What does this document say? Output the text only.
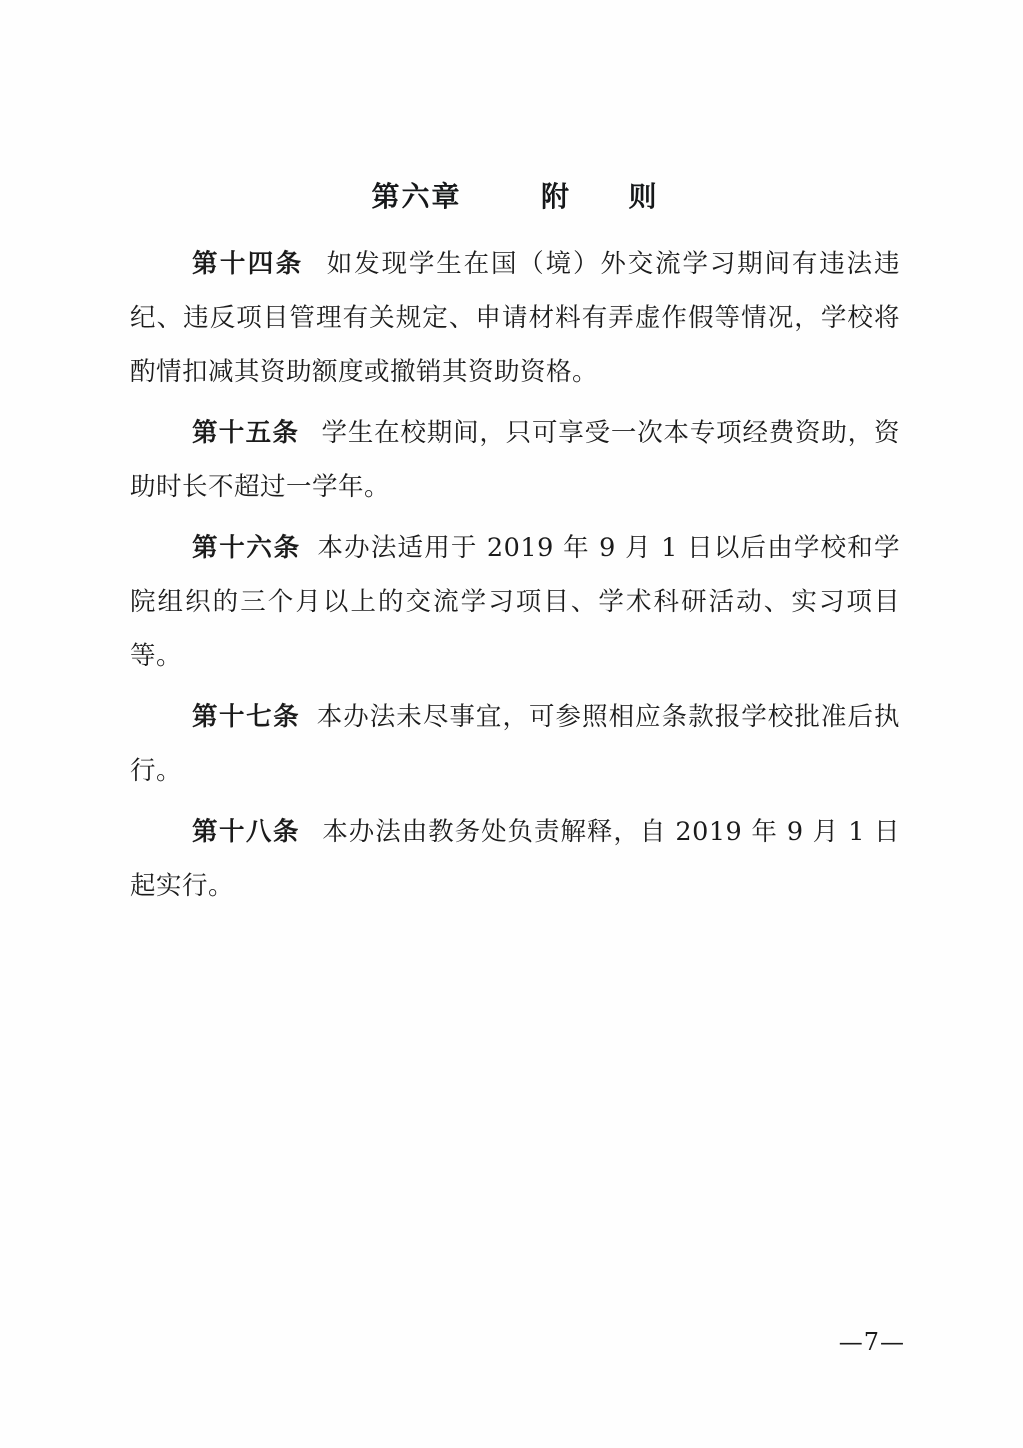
第六章	附 则

第十四条 如发现学生在国（境）外交流学习期间有违法违纪、违反项目管理有关规定、申请材料有弄虚作假等情况，学校将酌情扣减其资助额度或撤销其资助资格。

第十五条 学生在校期间，只可享受一次本专项经费资助，资助时长不超过一学年。

第十六条 本办法适用于 2019 年 9 月 1 日以后由学校和学院组织的三个月以上的交流学习项目、学术科研活动、实习项目等。

第十七条 本办法未尽事宜，可参照相应条款报学校批准后执行。

第十八条 本办法由教务处负责解释，自 2019 年 9 月 1 日起实行。

—7—
